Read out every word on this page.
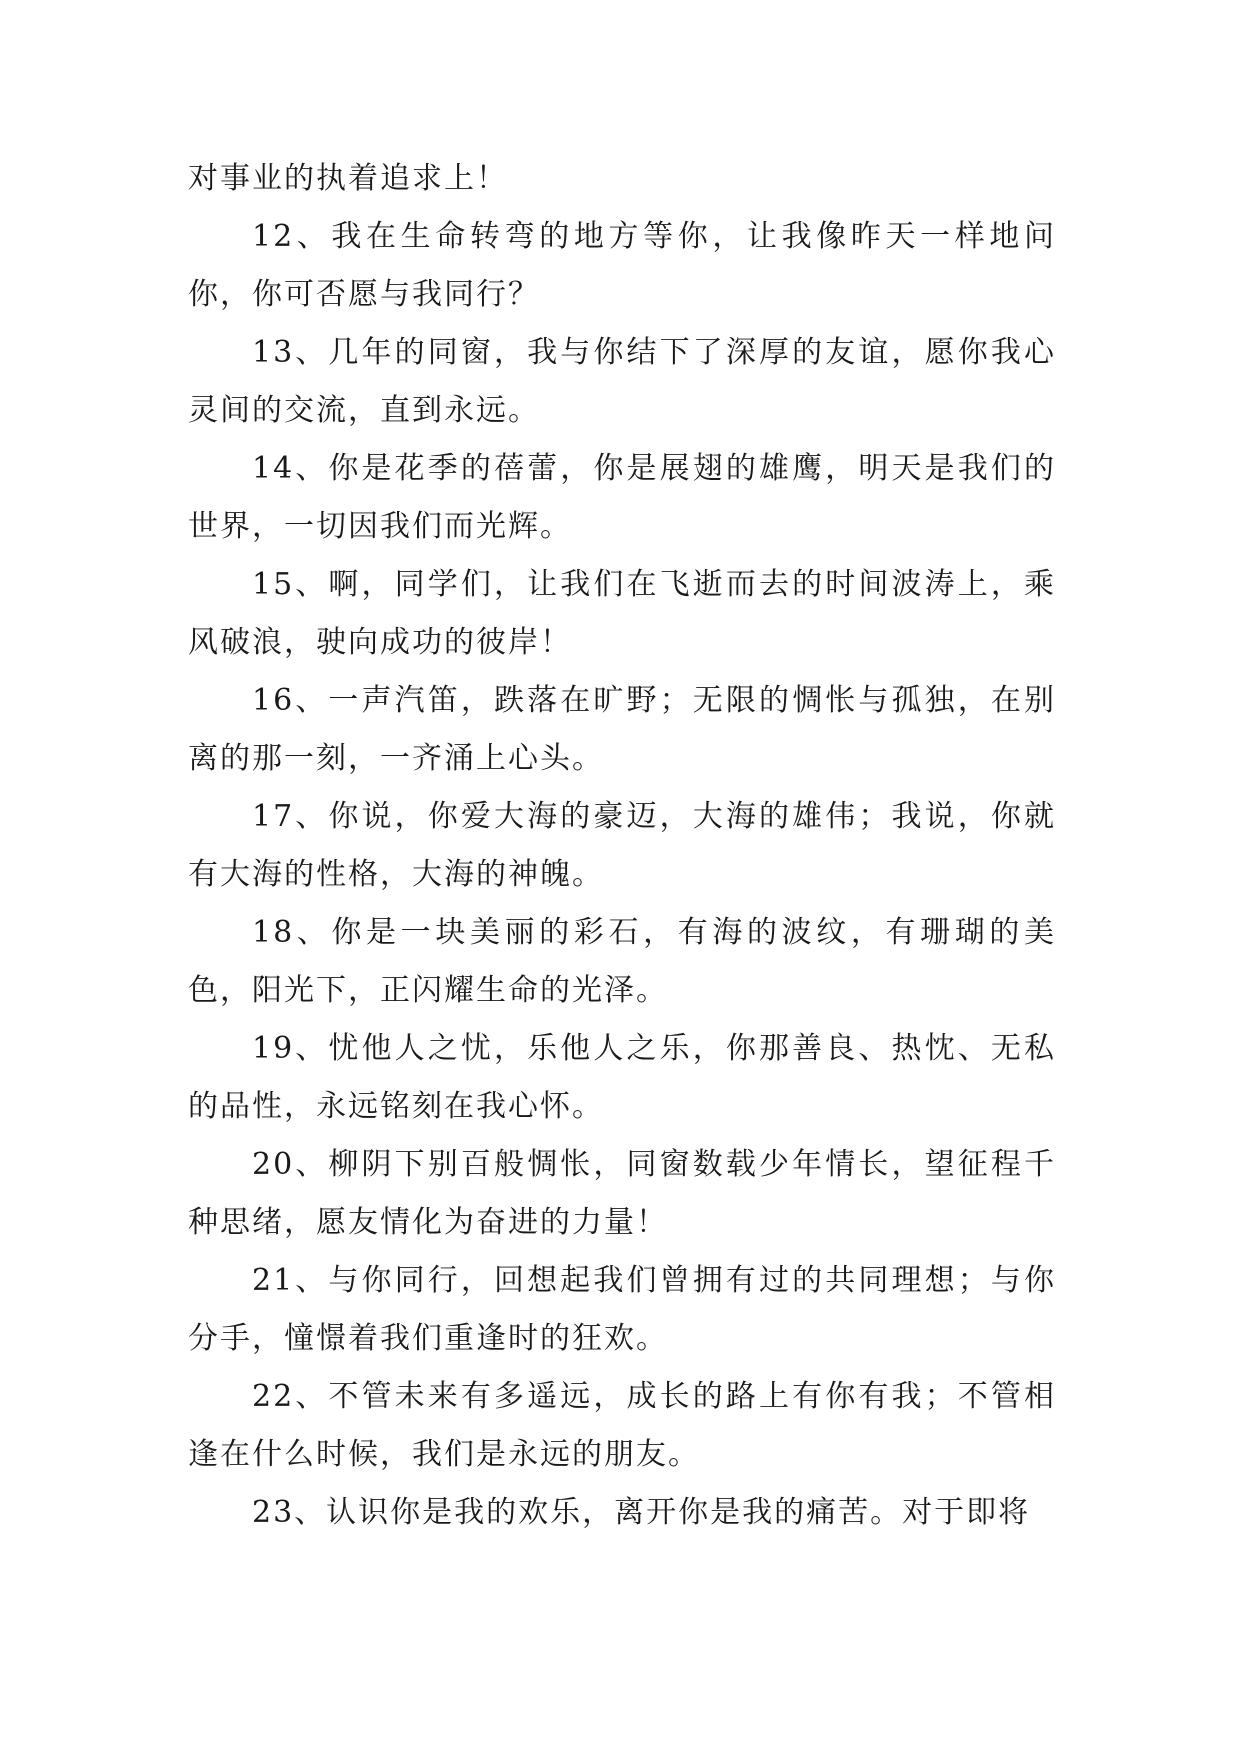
对事业的执着追求上！

12、我在生命转弯的地方等你，让我像昨天一样地问你，你可否愿与我同行？

13、几年的同窗，我与你结下了深厚的友谊，愿你我心灵间的交流，直到永远。

14、你是花季的蓓蕾，你是展翅的雄鹰，明天是我们的世界，一切因我们而光辉。

15、啊，同学们，让我们在飞逝而去的时间波涛上，乘风破浪，驶向成功的彼岸！

16、一声汽笛，跌落在旷野；无限的惆怅与孤独，在别离的那一刻，一齐涌上心头。

17、你说，你爱大海的豪迈，大海的雄伟；我说，你就有大海的性格，大海的神魄。

18、你是一块美丽的彩石，有海的波纹，有珊瑚的美色，阳光下，正闪耀生命的光泽。

19、忧他人之忧，乐他人之乐，你那善良、热忱、无私的品性，永远铭刻在我心怀。

20、柳阴下别百般惆怅，同窗数载少年情长，望征程千种思绪，愿友情化为奋进的力量！

21、与你同行，回想起我们曾拥有过的共同理想；与你分手，憧憬着我们重逢时的狂欢。

22、不管未来有多遥远，成长的路上有你有我；不管相逢在什么时候，我们是永远的朋友。

23、认识你是我的欢乐，离开你是我的痛苦。对于即将
